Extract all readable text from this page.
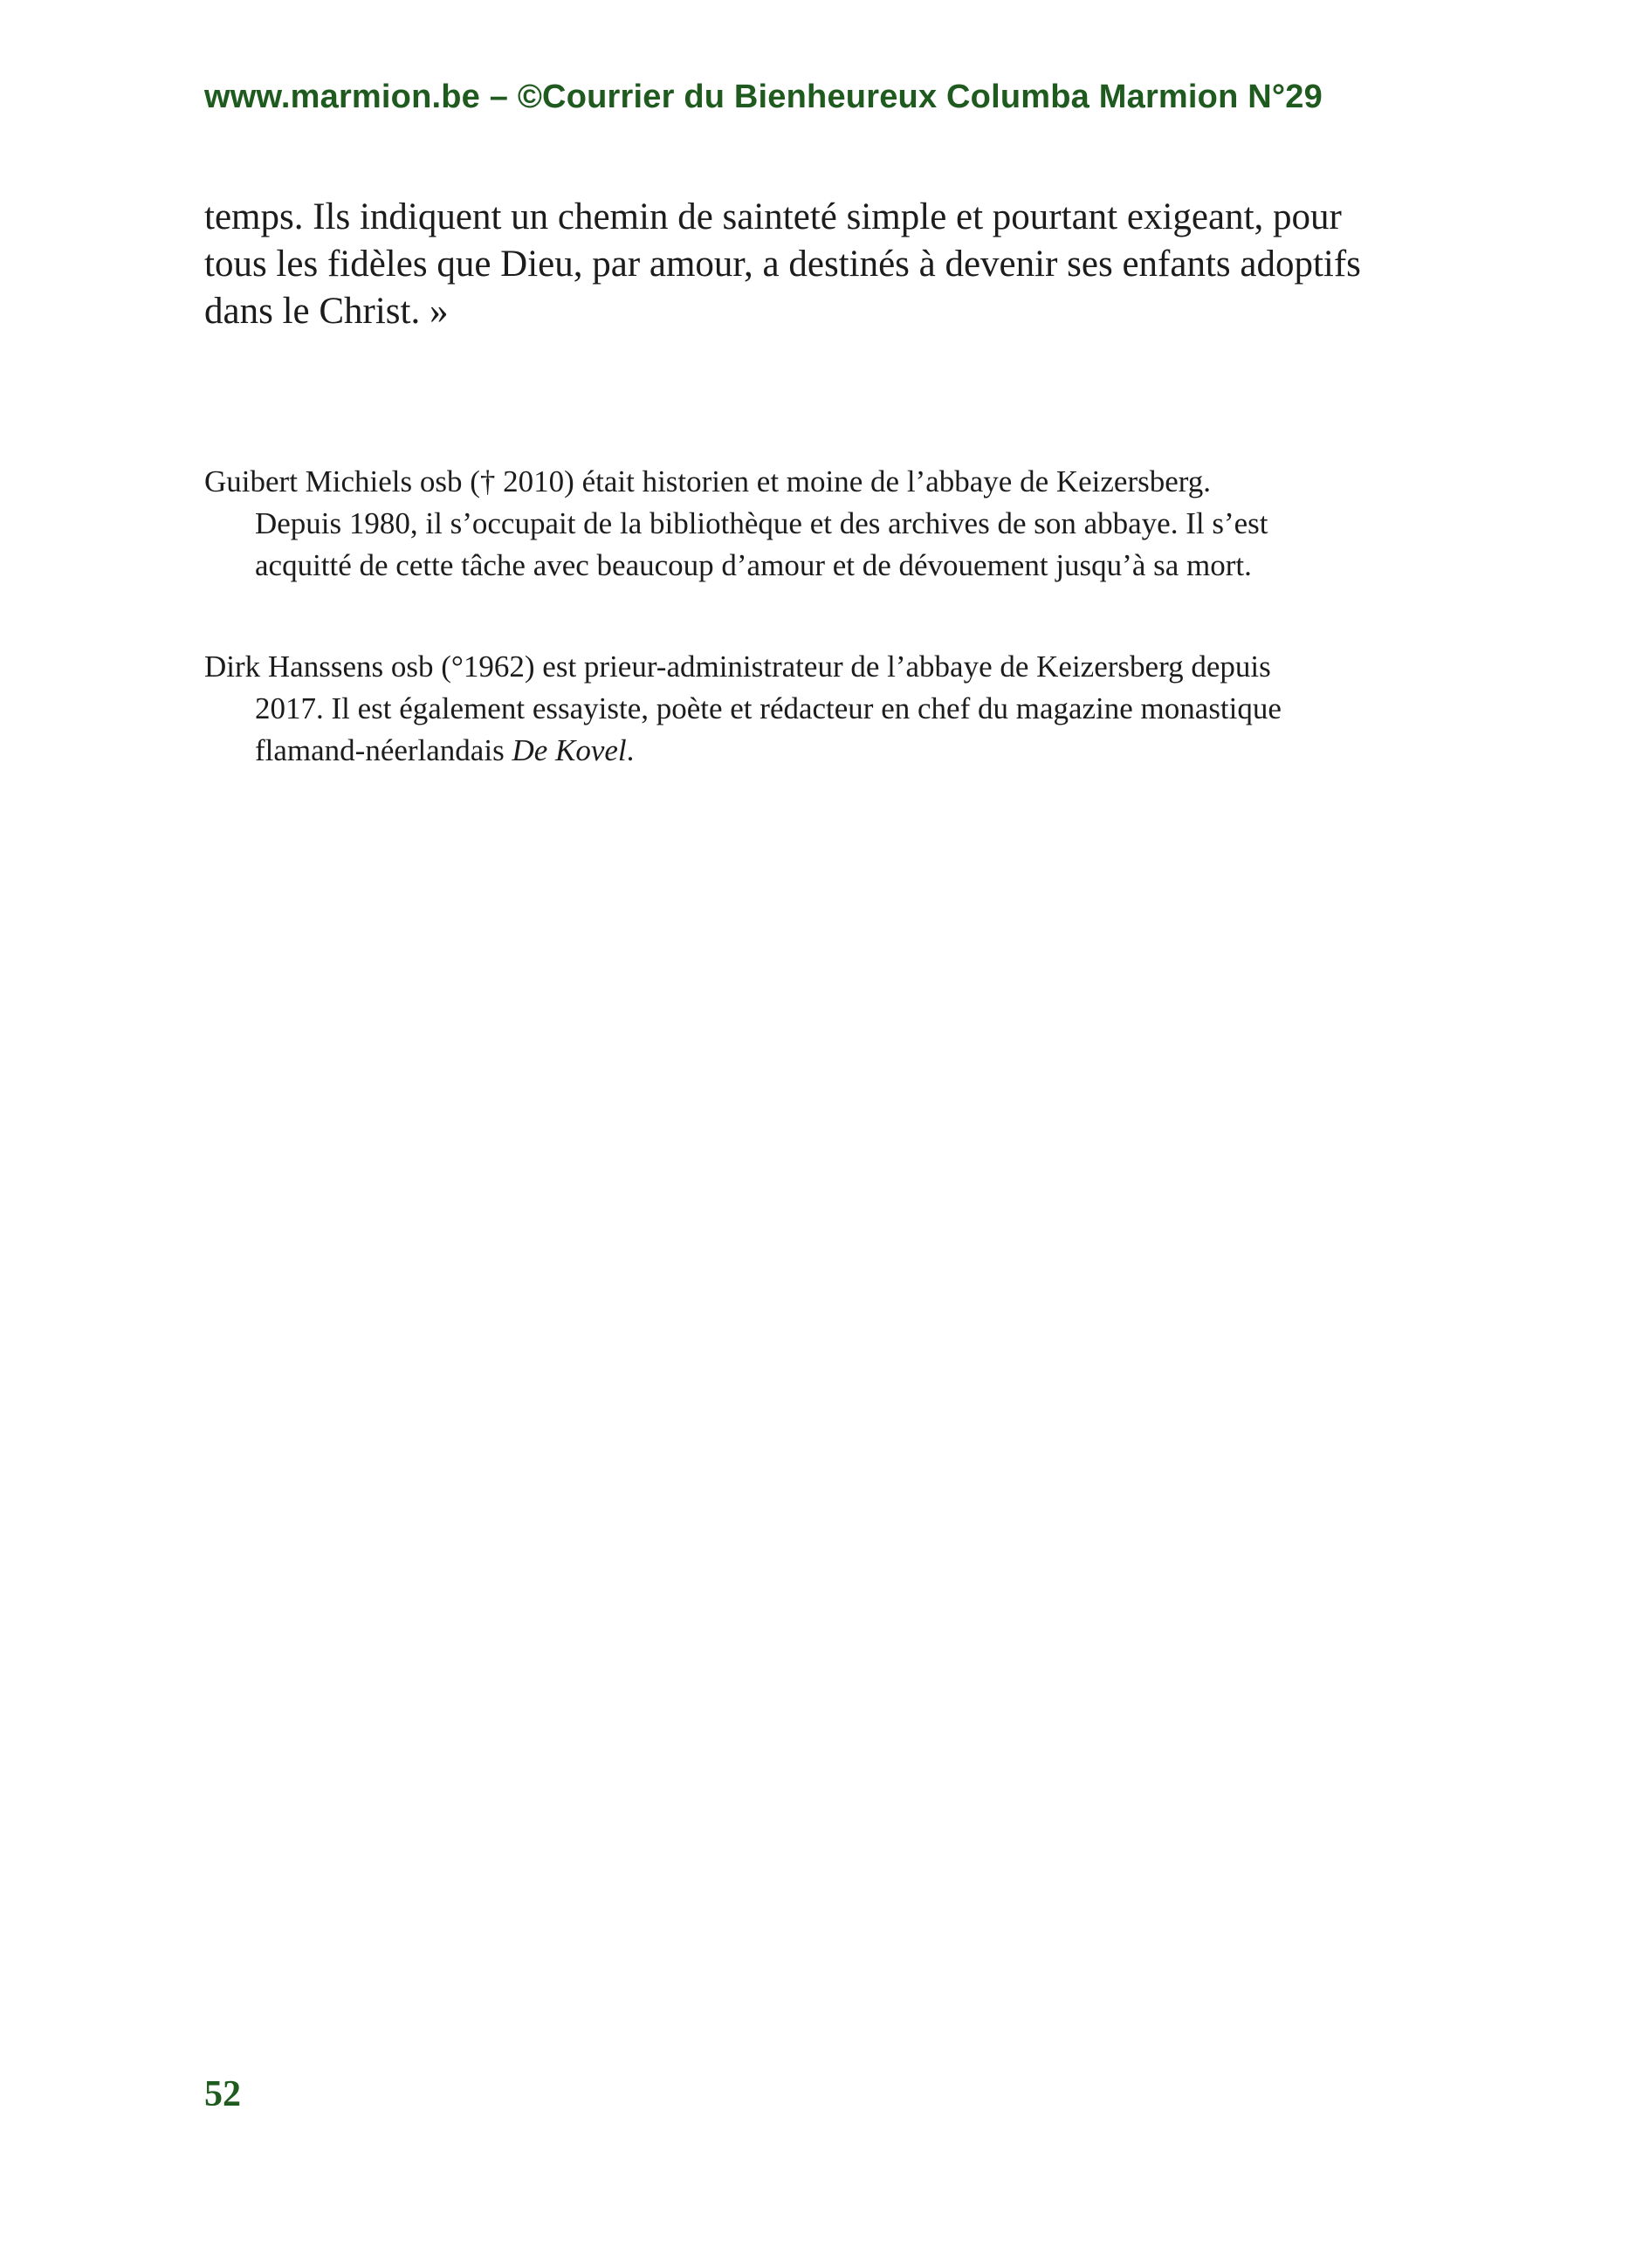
www.marmion.be – ©Courrier du Bienheureux Columba Marmion N°29
temps. Ils indiquent un chemin de sainteté simple et pourtant exigeant, pour
tous les fidèles que Dieu, par amour, a destinés à devenir ses enfants adoptifs
dans le Christ. »
Guibert Michiels osb († 2010) était historien et moine de l’abbaye de Keizersberg.
Depuis 1980, il s’occupait de la bibliothèque et des archives de son abbaye. Il s’est
acquitté de cette tâche avec beaucoup d’amour et de dévouement jusqu’à sa mort.
Dirk Hanssens osb (°1962) est prieur-administrateur de l’abbaye de Keizersberg depuis
2017. Il est également essayiste, poète et rédacteur en chef du magazine monastique
flamand-néerlandais De Kovel.
52
